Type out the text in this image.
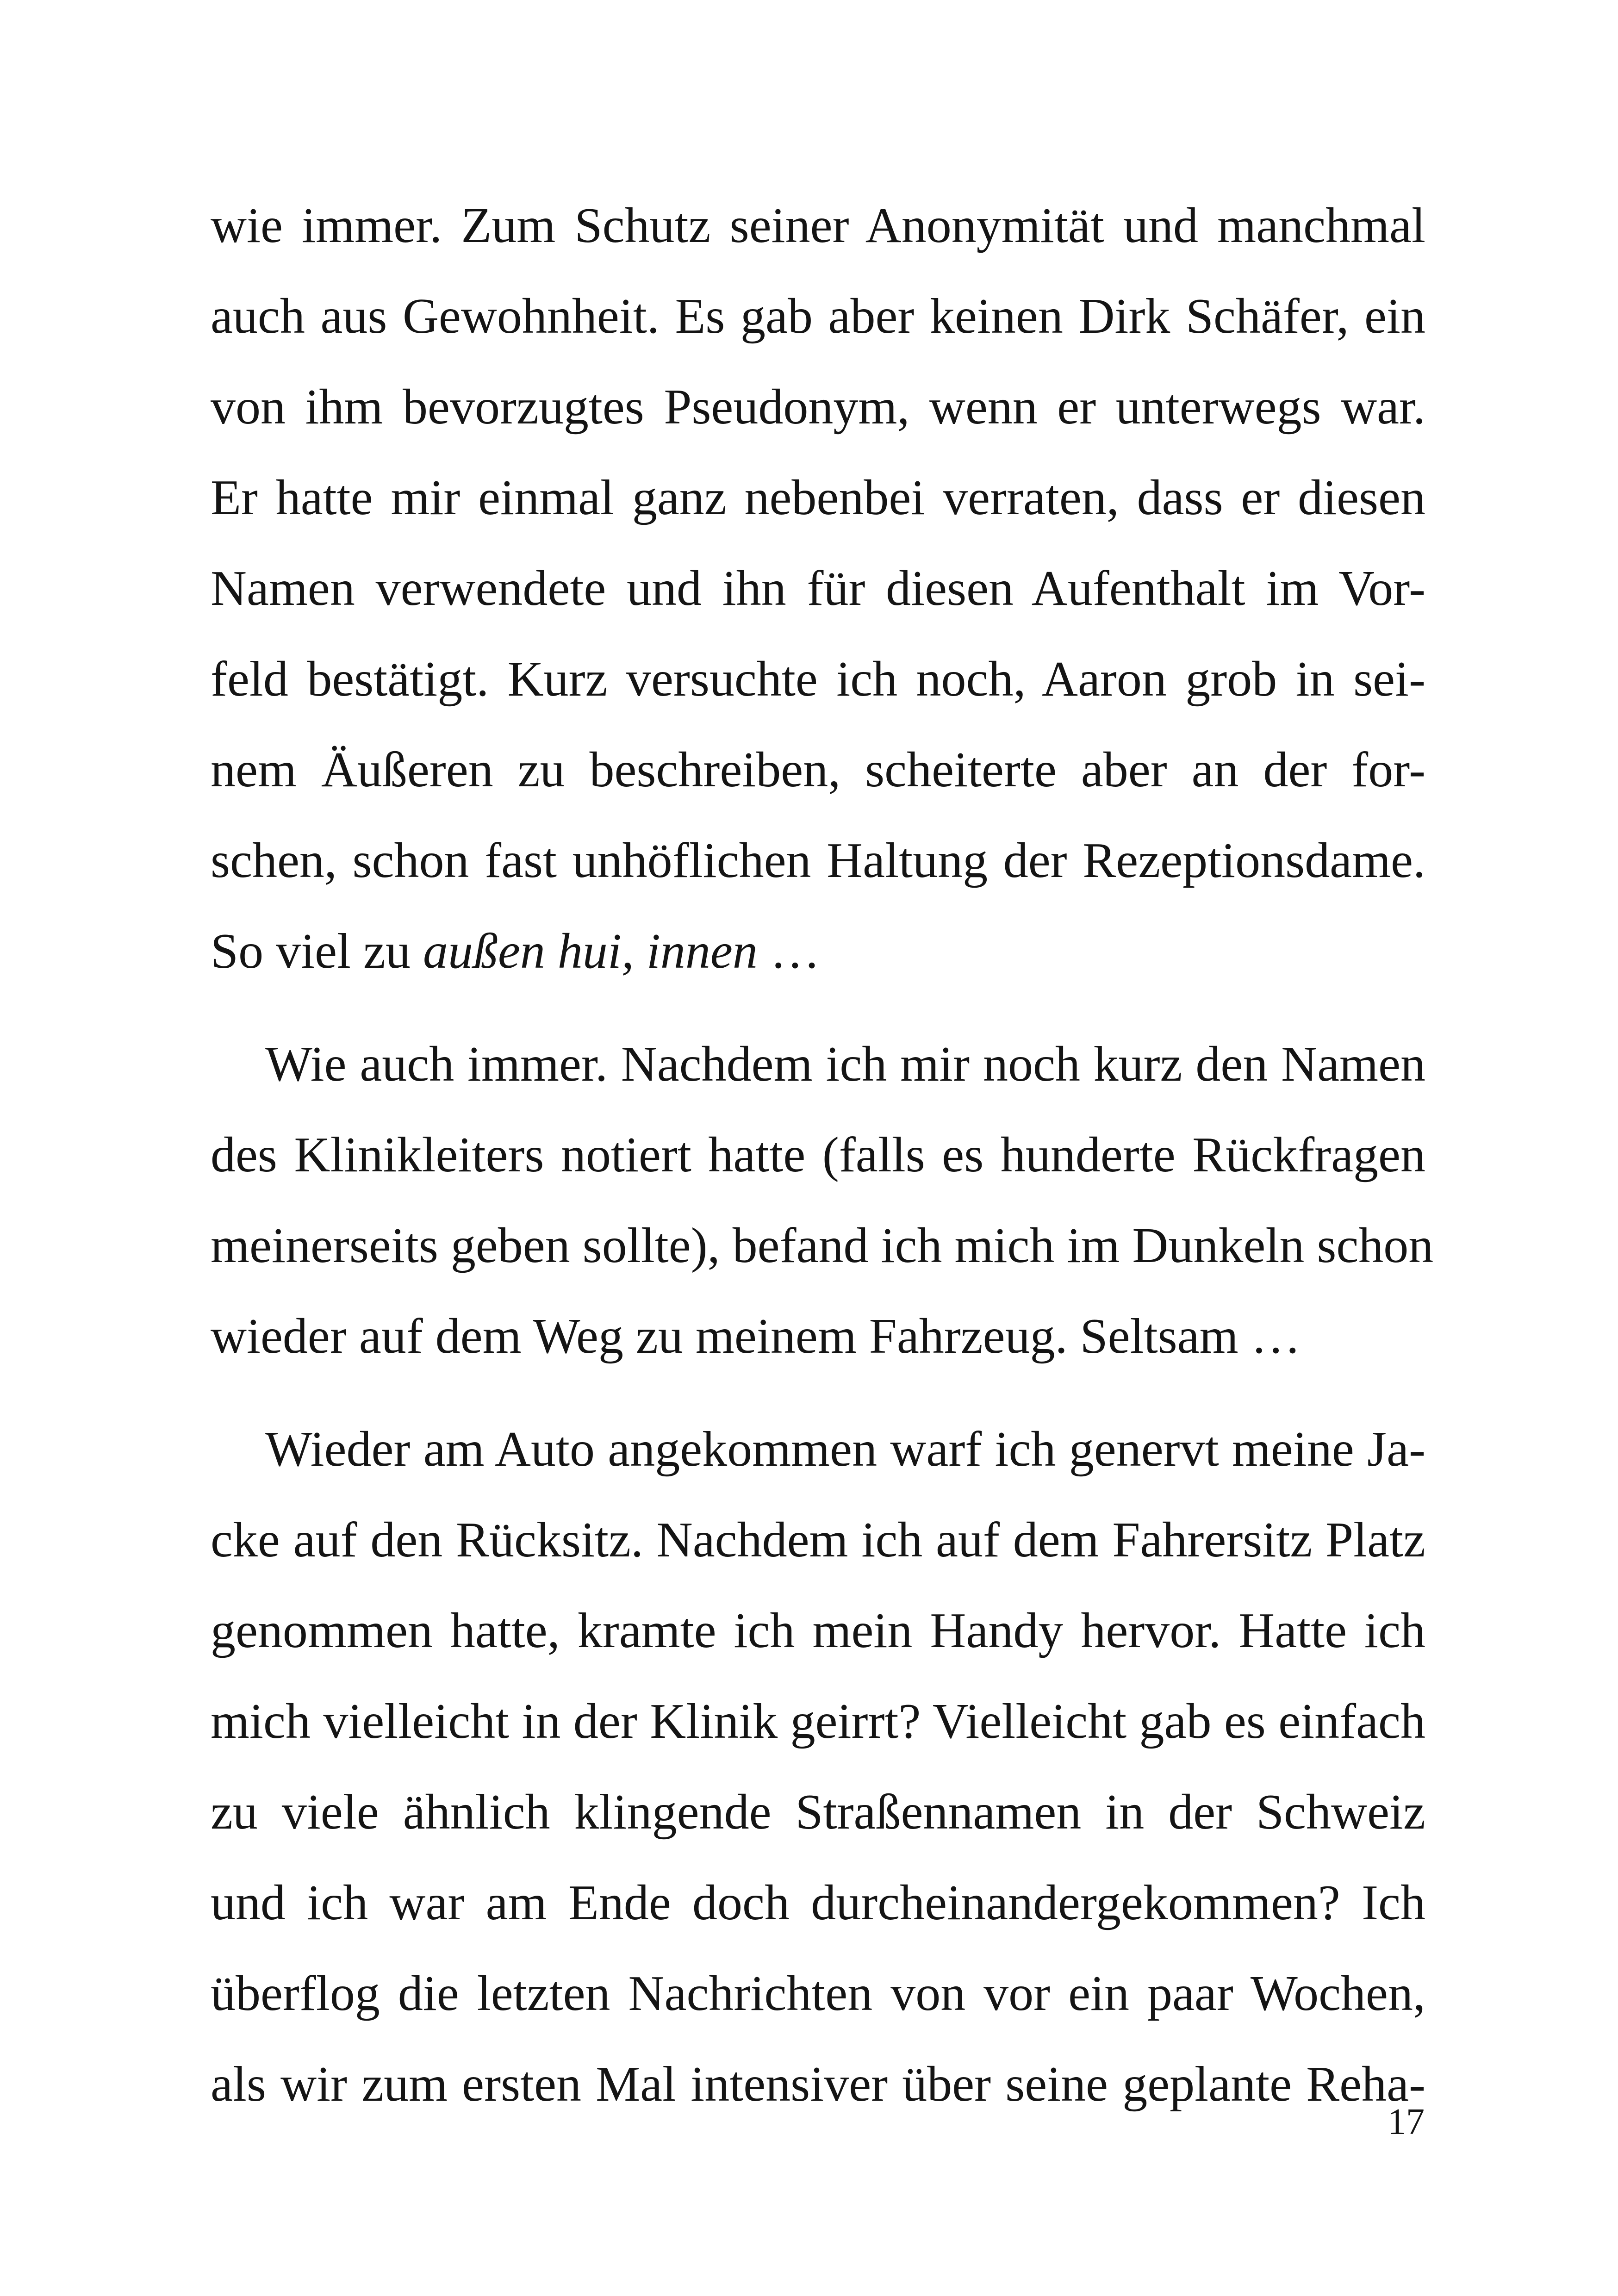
wie immer. Zum Schutz seiner Anonymität und manchmal
auch aus Gewohnheit. Es gab aber keinen Dirk Schäfer, ein
von ihm bevorzugtes Pseudonym, wenn er unterwegs war.
Er hatte mir einmal ganz nebenbei verraten, dass er diesen
Namen verwendete und ihn für diesen Aufenthalt im Vor-
feld bestätigt. Kurz versuchte ich noch, Aaron grob in sei-
nem Äußeren zu beschreiben, scheiterte aber an der for-
schen, schon fast unhöflichen Haltung der Rezeptionsdame.
So viel zu außen hui, innen …
Wie auch immer. Nachdem ich mir noch kurz den Namen
des Klinikleiters notiert hatte (falls es hunderte Rückfragen
meinerseits geben sollte), befand ich mich im Dunkeln schon
wieder auf dem Weg zu meinem Fahrzeug. Seltsam …
Wieder am Auto angekommen warf ich genervt meine Ja-
cke auf den Rücksitz. Nachdem ich auf dem Fahrersitz Platz
genommen hatte, kramte ich mein Handy hervor. Hatte ich
mich vielleicht in der Klinik geirrt? Vielleicht gab es einfach
zu viele ähnlich klingende Straßennamen in der Schweiz
und ich war am Ende doch durcheinandergekommen? Ich
überflog die letzten Nachrichten von vor ein paar Wochen,
als wir zum ersten Mal intensiver über seine geplante Reha-
17
